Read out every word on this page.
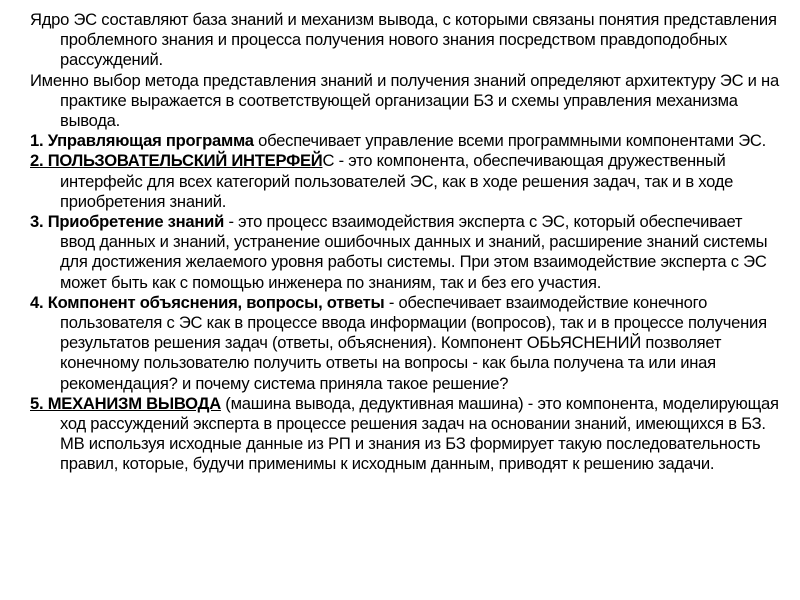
Ядро ЭС составляют база знаний и механизм вывода, с которыми связаны понятия представления проблемного знания и процесса получения нового знания посредством правдоподобных рассуждений.

Именно выбор метода представления знаний и получения знаний определяют архитектуру ЭС и на практике выражается в соответствующей организации БЗ и схемы управления механизма вывода.

1. Управляющая программа обеспечивает управление всеми программными компонентами ЭС.

2. ПОЛЬЗОВАТЕЛЬСКИЙ ИНТЕРФЕЙС - это компонента, обеспечивающая дружественный интерфейс для всех категорий пользователей ЭС, как в ходе решения задач, так и в ходе приобретения знаний.

3. Приобретение знаний - это процесс взаимодействия эксперта с ЭС, который обеспечивает ввод данных и знаний, устранение ошибочных данных и знаний, расширение знаний системы для достижения желаемого уровня работы системы. При этом взаимодействие эксперта с ЭС может быть как с помощью инженера по знаниям, так и без его участия.

4. Компонент объяснения, вопросы, ответы - обеспечивает взаимодействие конечного пользователя с ЭС как в процессе ввода информации (вопросов), так и в процессе получения результатов решения задач (ответы, объяснения). Компонент ОБЬЯСНЕНИЙ позволяет конечному пользователю получить ответы на вопросы - как была получена та или иная рекомендация? и почему система приняла такое решение?

5. МЕХАНИЗМ ВЫВОДА (машина вывода, дедуктивная машина) - это компонента, моделирующая ход рассуждений эксперта в процессе решения задач на основании знаний, имеющихся в БЗ. МВ используя исходные данные из РП и знания из БЗ формирует такую последовательность правил, которые, будучи применимы к исходным данным, приводят к решению задачи.
